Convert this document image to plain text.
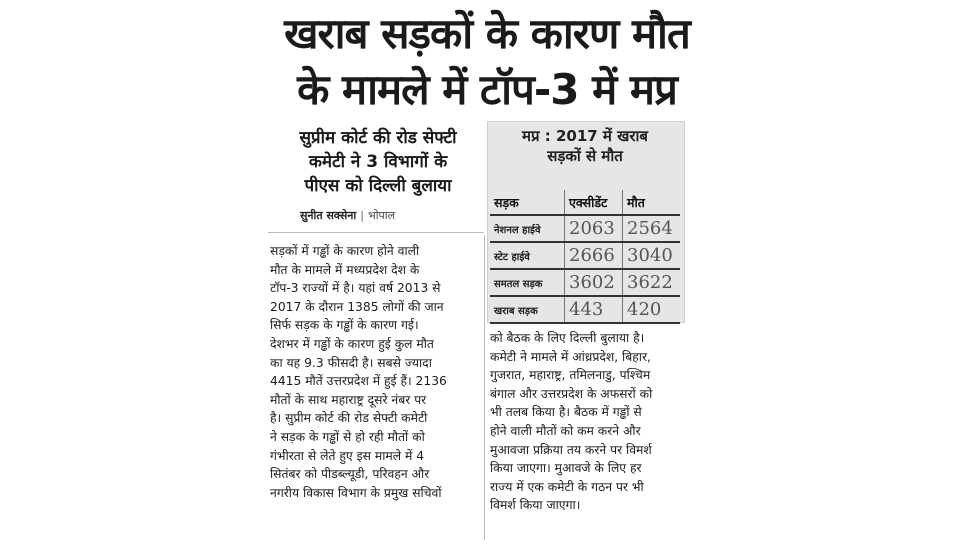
खराब सड़कों के कारण मौत
के मामले में टॉप-3 में मप्र
सुप्रीम कोर्ट की रोड सेफ्टी
कमेटी ने 3 विभागों के
पीएस को दिल्ली बुलाया
सुनीत सक्सेना | भोपाल
मप्र : 2017 में खराब
सड़कों से मौत
सड़क	एक्सीडेंट	मौत
नेशनल हाईवे	2063	2564
स्टेट हाईवे	2666	3040
समतल सड़क	3602	3622
खराब सड़क	443	420
सड़कों में गड्ढों के कारण होने वाली
मौत के मामले में मध्यप्रदेश देश के
टॉप-3 राज्यों में है। यहां वर्ष 2013 से
2017 के दौरान 1385 लोगों की जान
सिर्फ सड़क के गड्ढों के कारण गई।
देशभर में गड्ढों के कारण हुई कुल मौत
का यह 9.3 फीसदी है। सबसे ज्यादा
4415 मौतें उत्तरप्रदेश में हुई हैं। 2136
मौतों के साथ महाराष्ट्र दूसरे नंबर पर
है। सुप्रीम कोर्ट की रोड सेफ्टी कमेटी
ने सड़क के गड्ढों से हो रही मौतों को
गंभीरता से लेते हुए इस मामले में 4
सितंबर को पीडब्ल्यूडी, परिवहन और
नगरीय विकास विभाग के प्रमुख सचिवों
को बैठक के लिए दिल्ली बुलाया है।
कमेटी ने मामले में आंध्रप्रदेश, बिहार,
गुजरात, महाराष्ट्र, तमिलनाडु, पश्चिम
बंगाल और उत्तरप्रदेश के अफसरों को
भी तलब किया है। बैठक में गड्ढों से
होने वाली मौतों को कम करने और
मुआवजा प्रक्रिया तय करने पर विमर्श
किया जाएगा। मुआवजे के लिए हर
राज्य में एक कमेटी के गठन पर भी
विमर्श किया जाएगा।
